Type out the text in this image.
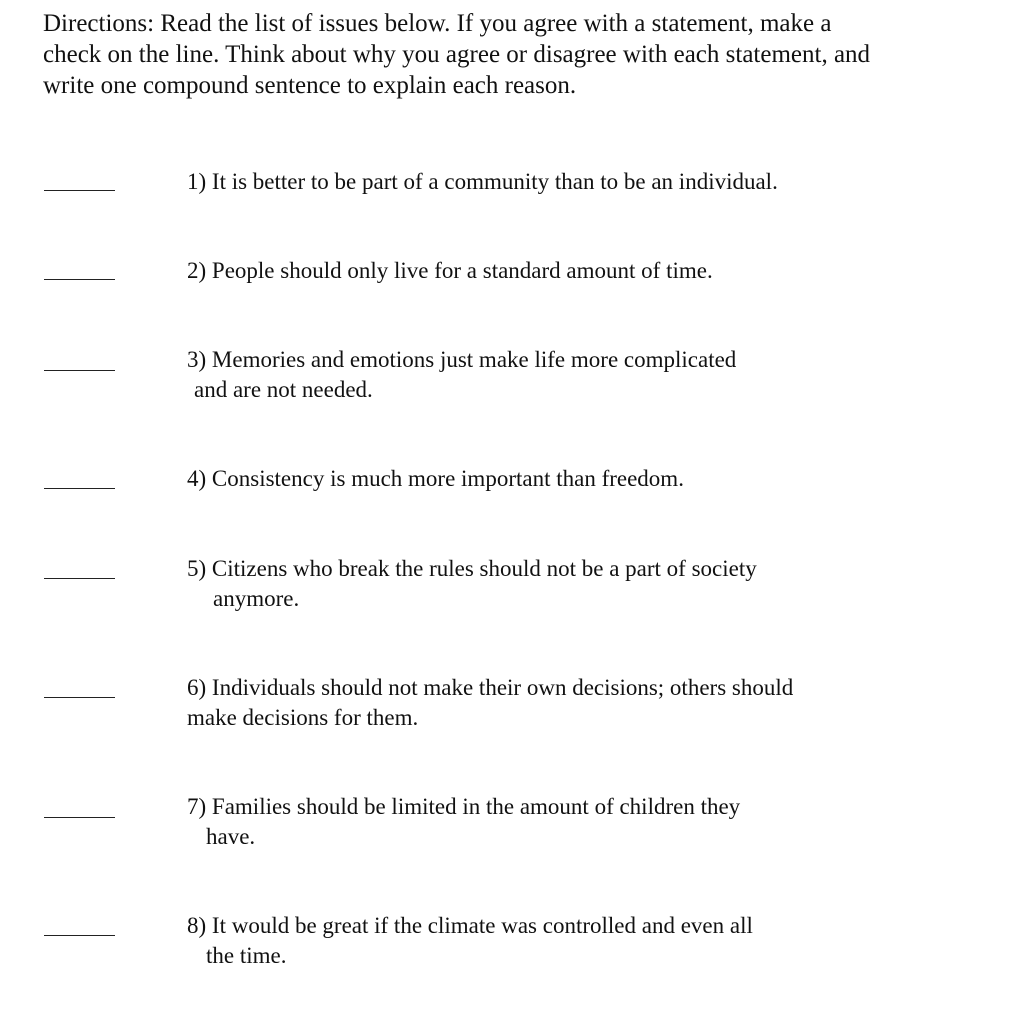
Directions: Read the list of issues below. If you agree with a statement, make a
check on the line. Think about why you agree or disagree with each statement, and
write one compound sentence to explain each reason.
1) It is better to be part of a community than to be an individual.
2) People should only live for a standard amount of time.
3) Memories and emotions just make life more complicated
and are not needed.
4) Consistency is much more important than freedom.
5) Citizens who break the rules should not be a part of society
anymore.
6) Individuals should not make their own decisions; others should
make decisions for them.
7) Families should be limited in the amount of children they
have.
8) It would be great if the climate was controlled and even all
the time.
